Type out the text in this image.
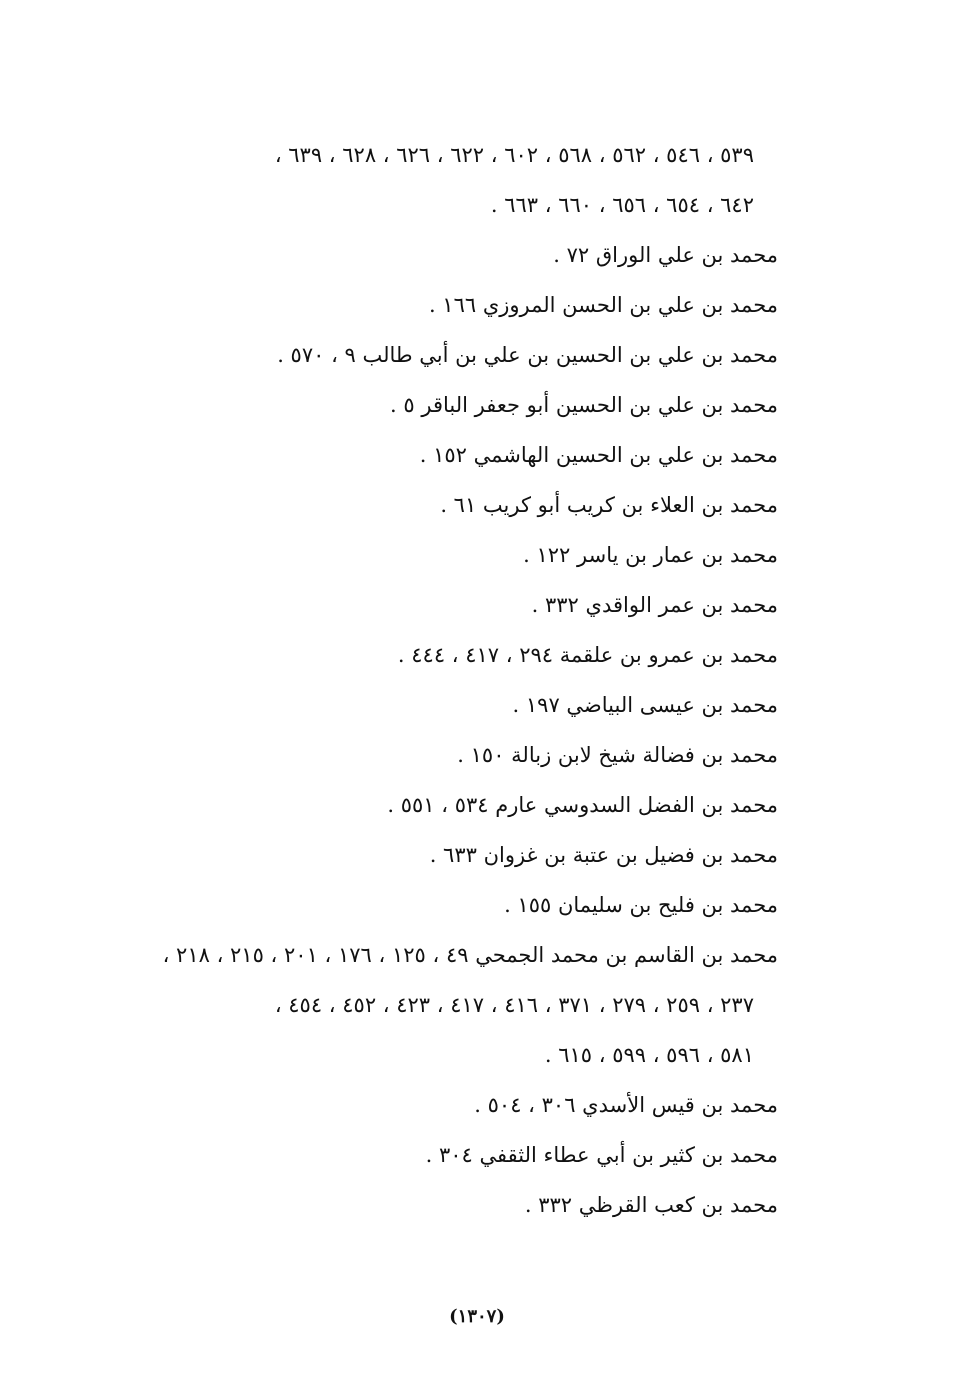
٥٣٩ ، ٥٤٦ ، ٥٦٢ ، ٥٦٨ ، ٦٠٢ ، ٦٢٢ ، ٦٢٦ ، ٦٢٨ ، ٦٣٩ ،
٦٤٢ ، ٦٥٤ ، ٦٥٦ ، ٦٦٠ ، ٦٦٣ .
محمد بن علي الوراق ٧٢ .
محمد بن علي بن الحسن المروزي ١٦٦ .
محمد بن علي بن الحسين بن علي بن أبي طالب ٩ ، ٥٧٠ .
محمد بن علي بن الحسين أبو جعفر الباقر ٥ .
محمد بن علي بن الحسين الهاشمي ١٥٢ .
محمد بن العلاء بن كريب أبو كريب ٦١ .
محمد بن عمار بن ياسر ١٢٢ .
محمد بن عمر الواقدي ٣٣٢ .
محمد بن عمرو بن علقمة ٢٩٤ ، ٤١٧ ، ٤٤٤ .
محمد بن عيسى البياضي ١٩٧ .
محمد بن فضالة شيخ لابن زبالة ١٥٠ .
محمد بن الفضل السدوسي عارم ٥٣٤ ، ٥٥١ .
محمد بن فضيل بن عتبة بن غزوان ٦٣٣ .
محمد بن فليح بن سليمان ١٥٥ .
محمد بن القاسم بن محمد الجمحي ٤٩ ، ١٢٥ ، ١٧٦ ، ٢٠١ ، ٢١٥ ، ٢١٨ ،
٢٣٧ ، ٢٥٩ ، ٢٧٩ ، ٣٧١ ، ٤١٦ ، ٤١٧ ، ٤٢٣ ، ٤٥٢ ، ٤٥٤ ،
٥٨١ ، ٥٩٦ ، ٥٩٩ ، ٦١٥ .
محمد بن قيس الأسدي ٣٠٦ ، ٥٠٤ .
محمد بن كثير بن أبي عطاء الثقفي ٣٠٤ .
محمد بن كعب القرظي ٣٣٢ .
(١٣٠٧)
